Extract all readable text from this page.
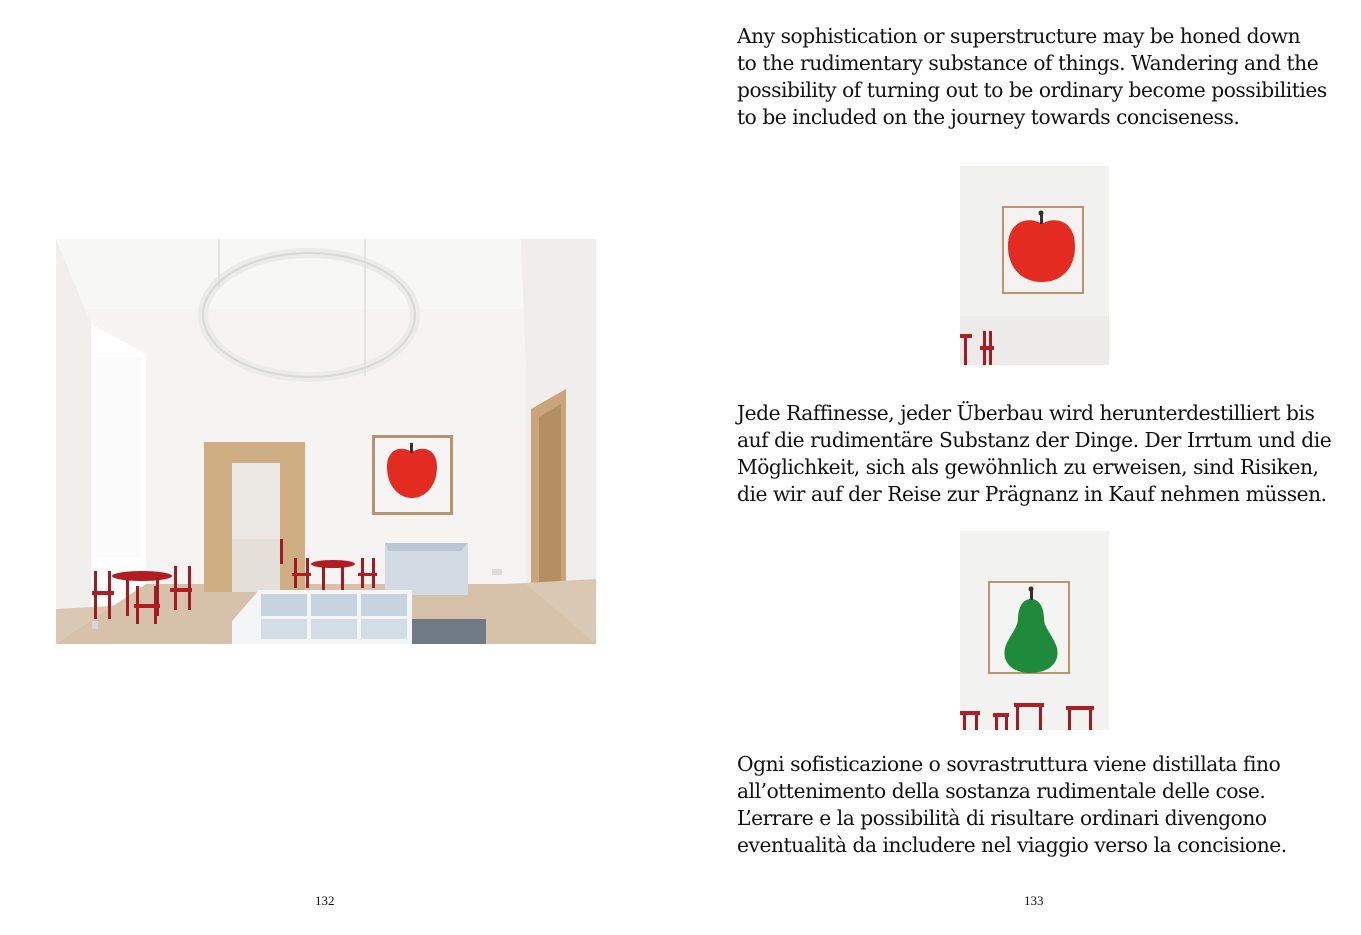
132
Any sophistication or superstructure may be honed down
to the rudimentary substance of things. Wandering and the
possibility of turning out to be ordinary become possibilities
to be included on the journey towards conciseness.
Jede Raffinesse, jeder Überbau wird herunterdestilliert bis
auf die rudimentäre Substanz der Dinge. Der Irrtum und die
Möglichkeit, sich als gewöhnlich zu erweisen, sind Risiken,
die wir auf der Reise zur Prägnanz in Kauf nehmen müssen.
Ogni sofisticazione o sovrastruttura viene distillata fino
all’ottenimento della sostanza rudimentale delle cose.
L’errare e la possibilità di risultare ordinari divengono
eventualità da includere nel viaggio verso la concisione.
133
